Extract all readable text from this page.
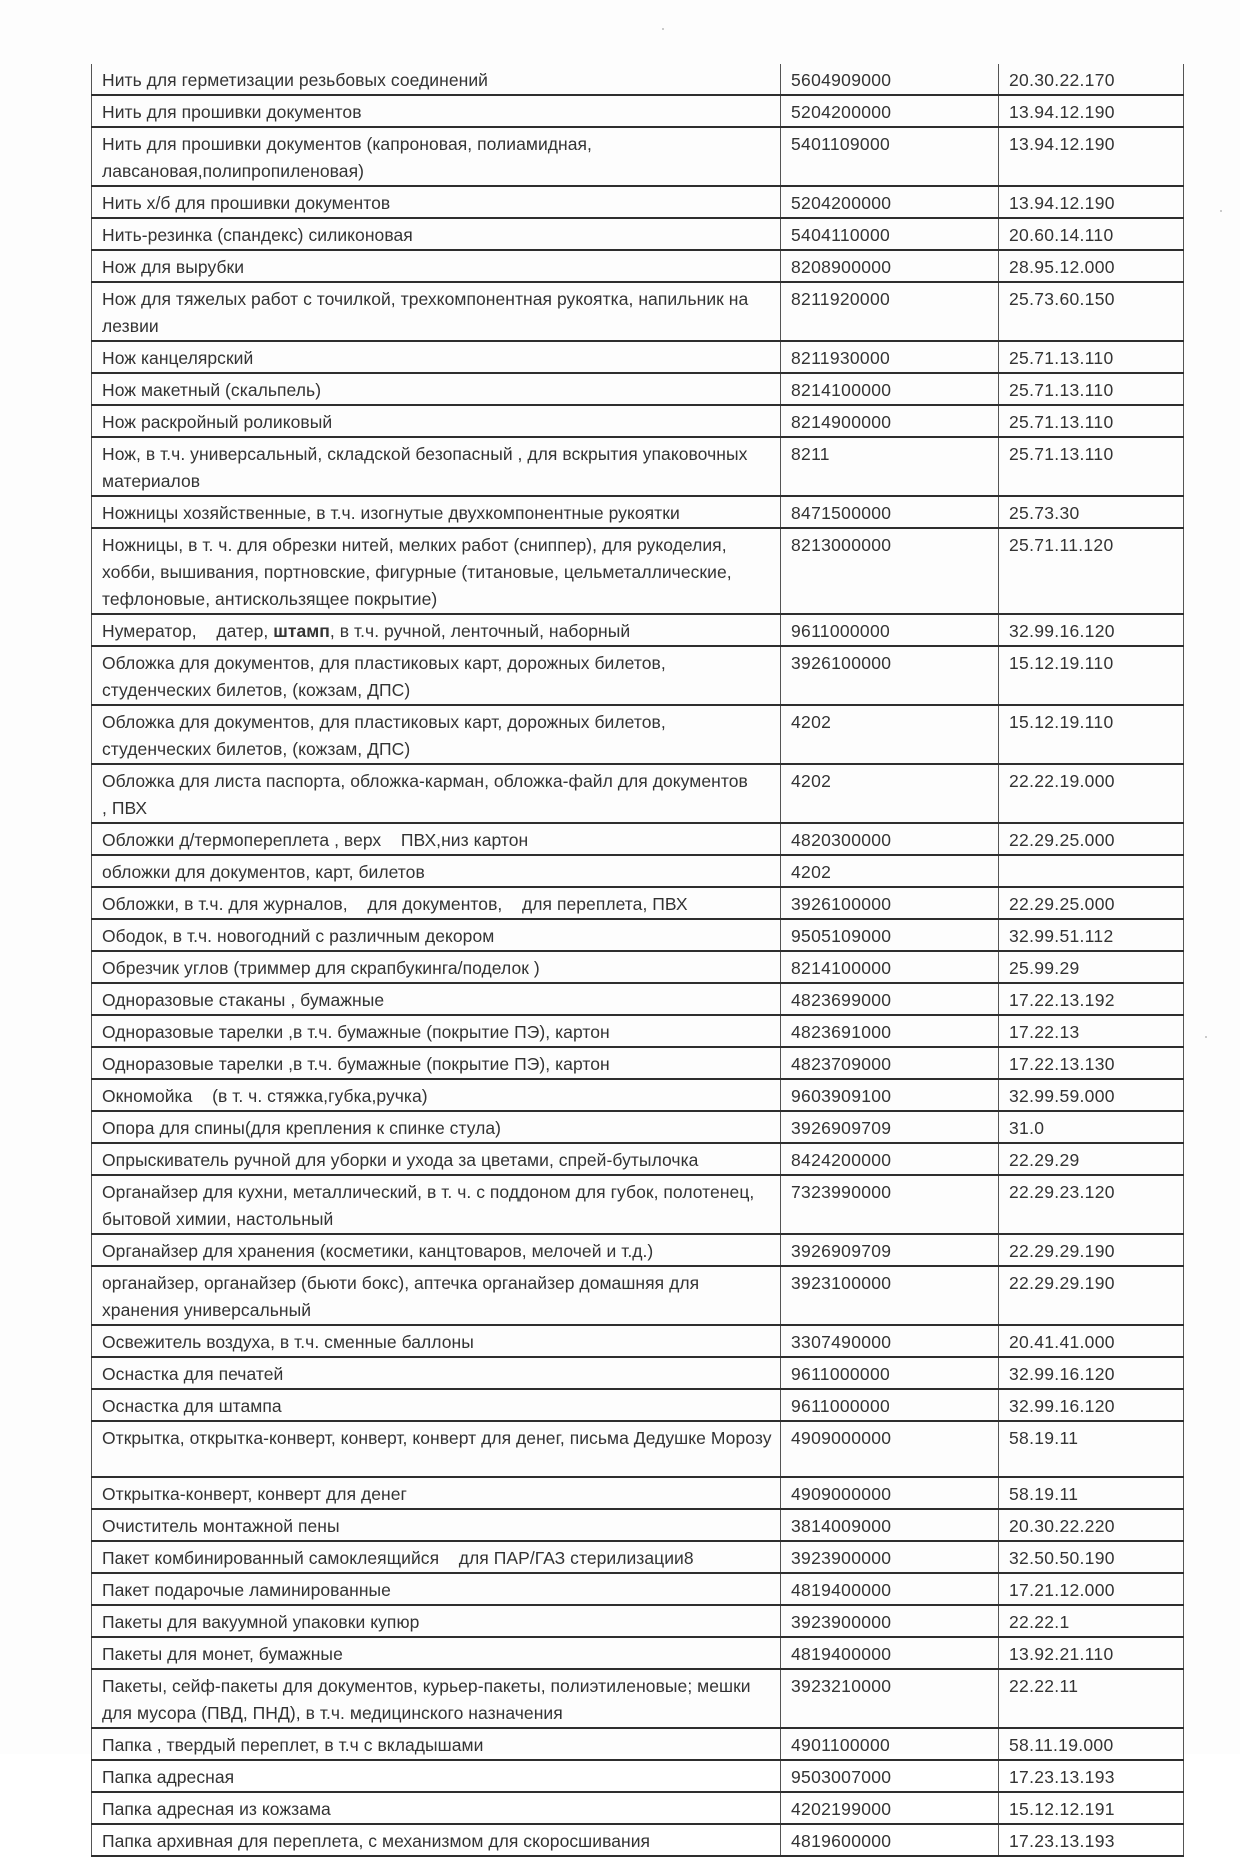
Нить для герметизации резьбовых соединений	5604909000	20.30.22.170
Нить для прошивки документов	5204200000	13.94.12.190
Нить для прошивки документов (капроновая, полиамидная, лавсановая,полипропиленовая)	5401109000	13.94.12.190
Нить х/б для прошивки документов	5204200000	13.94.12.190
Нить-резинка (спандекс) силиконовая	5404110000	20.60.14.110
Нож для вырубки	8208900000	28.95.12.000
Нож для тяжелых работ с точилкой, трехкомпонентная рукоятка, напильник на лезвии	8211920000	25.73.60.150
Нож канцелярский	8211930000	25.71.13.110
Нож макетный (скальпель)	8214100000	25.71.13.110
Нож раскройный роликовый	8214900000	25.71.13.110
Нож, в т.ч. универсальный, складской безопасный , для вскрытия упаковочных материалов	8211	25.71.13.110
Ножницы хозяйственные, в т.ч. изогнутые двухкомпонентные рукоятки	8471500000	25.73.30
Ножницы, в т. ч. для обрезки нитей, мелких работ (сниппер), для рукоделия, хобби, вышивания, портновские, фигурные (титановые, цельметаллические, тефлоновые, антискользящее покрытие)	8213000000	25.71.11.120
Нумератор,    датер, штамп, в т.ч. ручной, ленточный, наборный	9611000000	32.99.16.120
Обложка для документов, для пластиковых карт, дорожных билетов, студенческих билетов, (кожзам, ДПС)	3926100000	15.12.19.110
Обложка для документов, для пластиковых карт, дорожных билетов, студенческих билетов, (кожзам, ДПС)	4202	15.12.19.110
Обложка для листа паспорта, обложка-карман, обложка-файл для документов    , ПВХ	4202	22.22.19.000
Обложки д/термопереплета , верх    ПВХ,низ картон	4820300000	22.29.25.000
обложки для документов, карт, билетов	4202	
Обложки, в т.ч. для журналов,    для документов,    для переплета, ПВХ	3926100000	22.29.25.000
Ободок, в т.ч. новогодний с различным декором	9505109000	32.99.51.112
Обрезчик углов (триммер для скрапбукинга/поделок )	8214100000	25.99.29
Одноразовые стаканы , бумажные	4823699000	17.22.13.192
Одноразовые тарелки ,в т.ч. бумажные (покрытие ПЭ), картон	4823691000	17.22.13
Одноразовые тарелки ,в т.ч. бумажные (покрытие ПЭ), картон	4823709000	17.22.13.130
Окномойка    (в т. ч. стяжка,губка,ручка)	9603909100	32.99.59.000
Опора для спины(для крепления к спинке стула)	3926909709	31.0
Опрыскиватель ручной для уборки и ухода за цветами, спрей-бутылочка	8424200000	22.29.29
Органайзер для кухни, металлический, в т. ч. с поддоном для губок, полотенец, бытовой химии, настольный	7323990000	22.29.23.120
Органайзер для хранения (косметики, канцтоваров, мелочей и т.д.)	3926909709	22.29.29.190
органайзер, органайзер (бьюти бокс), аптечка органайзер домашняя для хранения универсальный	3923100000	22.29.29.190
Освежитель воздуха, в т.ч. сменные баллоны	3307490000	20.41.41.000
Оснастка для печатей	9611000000	32.99.16.120
Оснастка для штампа	9611000000	32.99.16.120
Открытка, открытка-конверт, конверт, конверт для денег, письма Дедушке Морозу	4909000000	58.19.11
Открытка-конверт, конверт для денег	4909000000	58.19.11
Очиститель монтажной пены	3814009000	20.30.22.220
Пакет комбинированный самоклеящийся    для ПАР/ГАЗ стерилизации8	3923900000	32.50.50.190
Пакет подарочые ламинированные	4819400000	17.21.12.000
Пакеты для вакуумной упаковки купюр	3923900000	22.22.1
Пакеты для монет, бумажные	4819400000	13.92.21.110
Пакеты, сейф-пакеты для документов, курьер-пакеты, полиэтиленовые; мешки для мусора (ПВД, ПНД), в т.ч. медицинского назначения	3923210000	22.22.11
Папка , твердый переплет, в т.ч с вкладышами	4901100000	58.11.19.000
Папка адресная	9503007000	17.23.13.193
Папка адресная из кожзама	4202199000	15.12.12.191
Папка архивная для переплета, с механизмом для скоросшивания	4819600000	17.23.13.193
